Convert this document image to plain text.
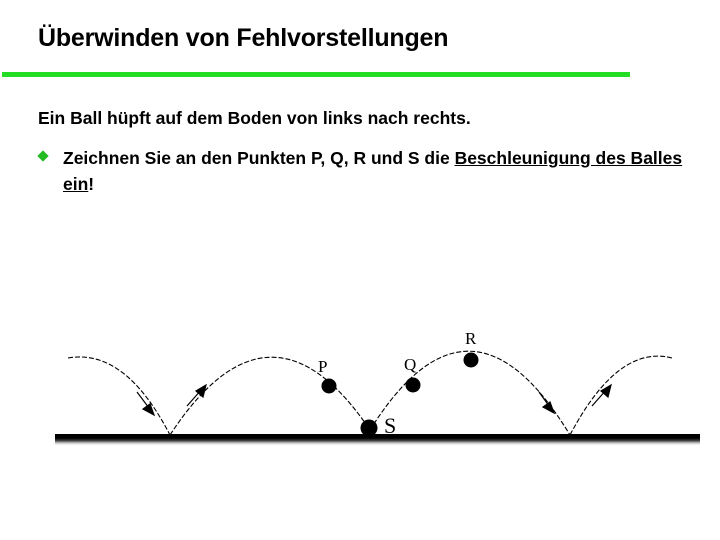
Überwinden von Fehlvorstellungen
Ein Ball hüpft auf dem Boden von links nach rechts.
Zeichnen Sie an den Punkten P, Q, R und S die Beschleunigung des Balles ein!
P	Q
R
S
